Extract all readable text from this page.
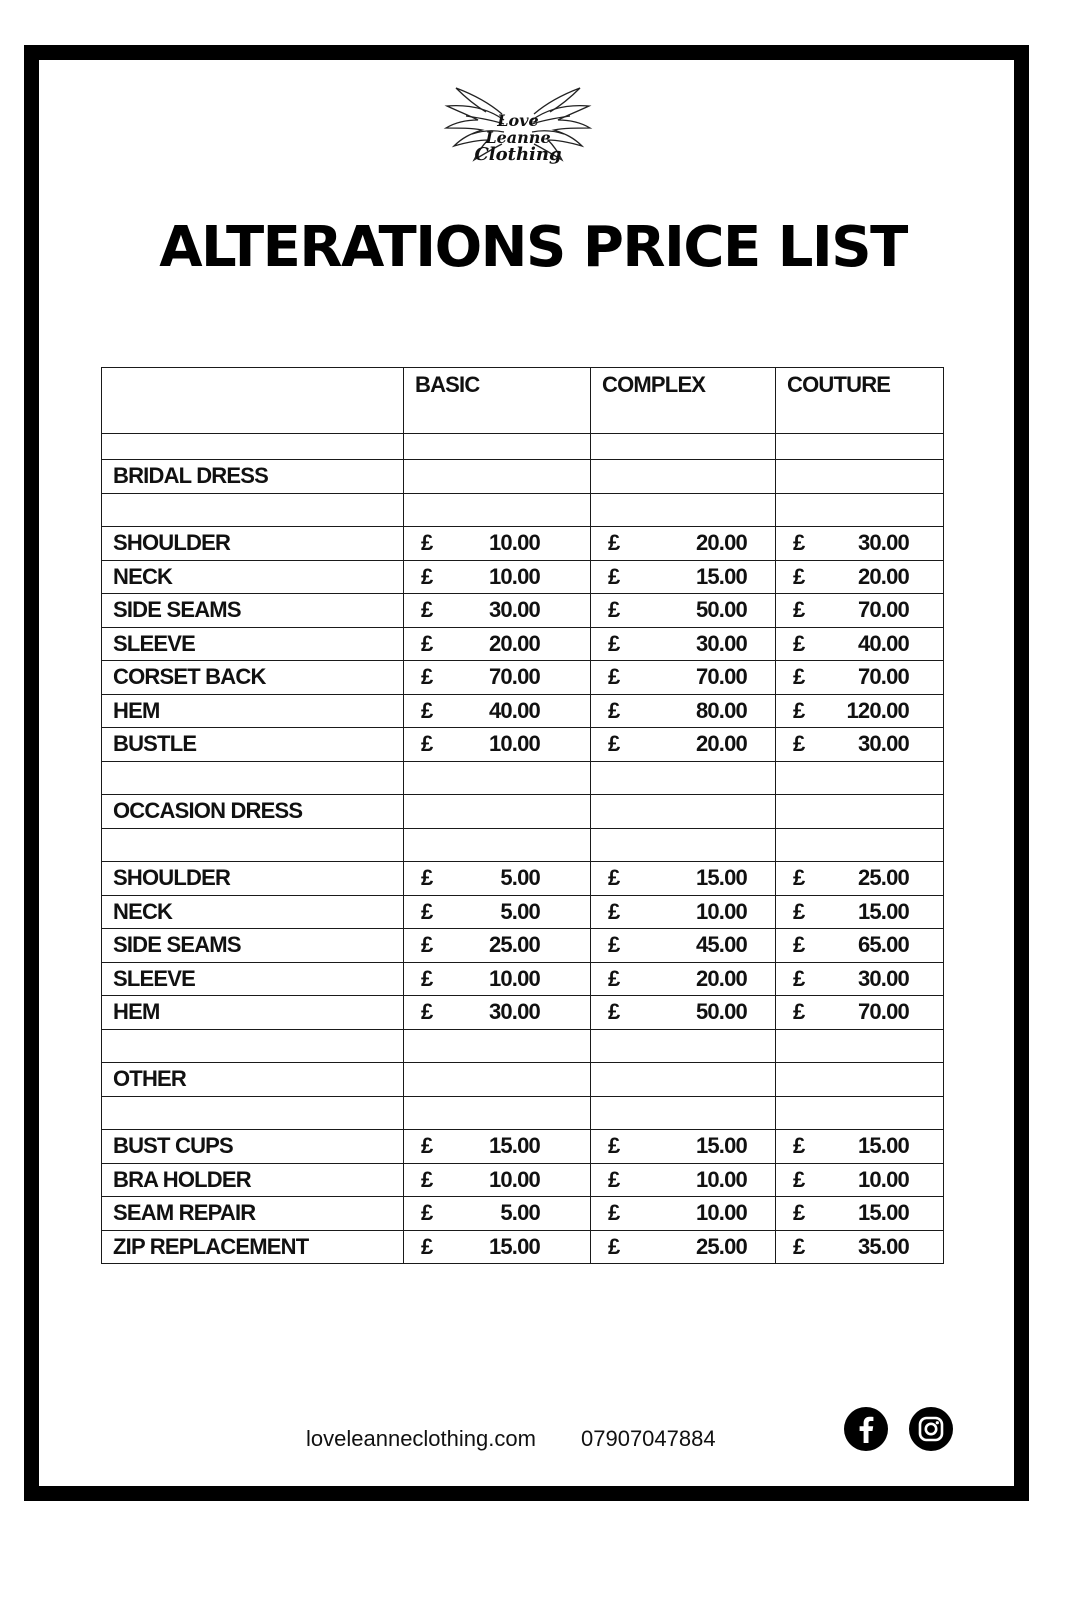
Love
Leanne
Clothing
ALTERATIONS PRICE LIST
	BASIC	COMPLEX	COUTURE

BRIDAL DRESS			

SHOULDER	£ 10.00	£ 20.00	£ 30.00

NECK	£ 10.00	£ 15.00	£ 20.00

SIDE SEAMS	£ 30.00	£ 50.00	£ 70.00

SLEEVE	£ 20.00	£ 30.00	£ 40.00

CORSET BACK	£ 70.00	£ 70.00	£ 70.00

HEM	£ 40.00	£ 80.00	£ 120.00

BUSTLE	£ 10.00	£ 20.00	£ 30.00

OCCASION DRESS			

SHOULDER	£ 5.00	£ 15.00	£ 25.00

NECK	£ 5.00	£ 10.00	£ 15.00

SIDE SEAMS	£ 25.00	£ 45.00	£ 65.00

SLEEVE	£ 10.00	£ 20.00	£ 30.00

HEM	£ 30.00	£ 50.00	£ 70.00

OTHER			

BUST CUPS	£ 15.00	£ 15.00	£ 15.00

BRA HOLDER	£ 10.00	£ 10.00	£ 10.00

SEAM REPAIR	£ 5.00	£ 10.00	£ 15.00

ZIP REPLACEMENT	£ 15.00	£ 25.00	£ 35.00
loveleanneclothing.com 07907047884
